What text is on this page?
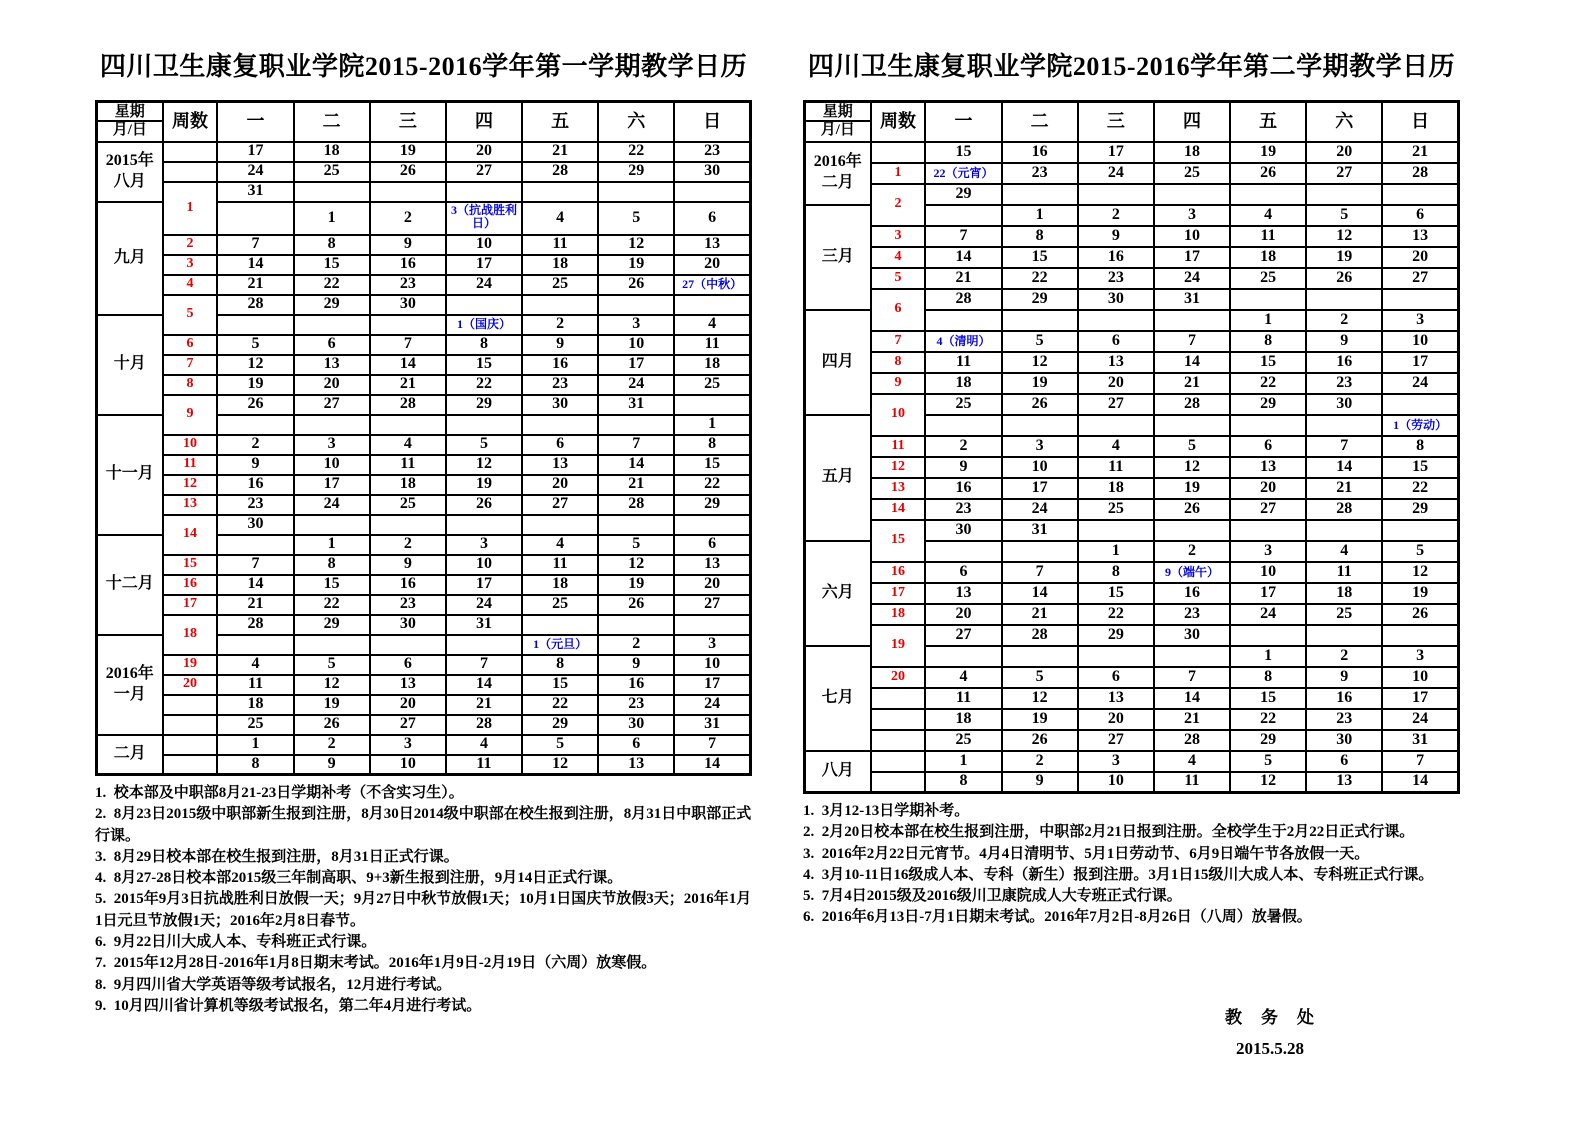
四川卫生康复职业学院2015-2016学年第一学期教学日历
星期
月/日	周数	一	二	三	四	五	六	日

2015年
八月		17	18	19	20	21	22	23
		24	25	26	27	28	29	30
	1	31						

九月			1	2	3（抗战胜利日）	4	5	6
	2	7	8	9	10	11	12	13
	3	14	15	16	17	18	19	20
	4	21	22	23	24	25	26	27（中秋）
	5	28	29	30				

十月					1（国庆）	2	3	4
	6	5	6	7	8	9	10	11
	7	12	13	14	15	16	17	18
	8	19	20	21	22	23	24	25
	9	26	27	28	29	30	31	

十一月								1
	10	2	3	4	5	6	7	8
	11	9	10	11	12	13	14	15
	12	16	17	18	19	20	21	22
	13	23	24	25	26	27	28	29
	14	30						

十二月			1	2	3	4	5	6
	15	7	8	9	10	11	12	13
	16	14	15	16	17	18	19	20
	17	21	22	23	24	25	26	27
	18	28	29	30	31			

2016年
一月						1（元旦）	2	3
	19	4	5	6	7	8	9	10
	20	11	12	13	14	15	16	17
		18	19	20	21	22	23	24
		25	26	27	28	29	30	31

二月		1	2	3	4	5	6	7
		8	9	10	11	12	13	14
1.  校本部及中职部8月21-23日学期补考（不含实习生）。
2.  8月23日2015级中职部新生报到注册，8月30日2014级中职部在校生报到注册，8月31日中职部正式行课。
3.  8月29日校本部在校生报到注册，8月31日正式行课。
4.  8月27-28日校本部2015级三年制高职、9+3新生报到注册，9月14日正式行课。
5.  2015年9月3日抗战胜利日放假一天；9月27日中秋节放假1天；10月1日国庆节放假3天；2016年1月1日元旦节放假1天；2016年2月8日春节。
6.  9月22日川大成人本、专科班正式行课。
7.  2015年12月28日-2016年1月8日期末考试。2016年1月9日-2月19日（六周）放寒假。
8.  9月四川省大学英语等级考试报名，12月进行考试。
9.  10月四川省计算机等级考试报名，第二年4月进行考试。
四川卫生康复职业学院2015-2016学年第二学期教学日历
星期
月/日	周数	一	二	三	四	五	六	日

2016年
二月		15	16	17	18	19	20	21
	1	22（元宵）	23	24	25	26	27	28
	2	29						

三月			1	2	3	4	5	6
	3	7	8	9	10	11	12	13
	4	14	15	16	17	18	19	20
	5	21	22	23	24	25	26	27
	6	28	29	30	31			

四月						1	2	3
	7	4（清明）	5	6	7	8	9	10
	8	11	12	13	14	15	16	17
	9	18	19	20	21	22	23	24
	10	25	26	27	28	29	30	

五月								1（劳动）
	11	2	3	4	5	6	7	8
	12	9	10	11	12	13	14	15
	13	16	17	18	19	20	21	22
	14	23	24	25	26	27	28	29
	15	30	31					

六月				1	2	3	4	5
	16	6	7	8	9（端午）	10	11	12
	17	13	14	15	16	17	18	19
	18	20	21	22	23	24	25	26
	19	27	28	29	30			

七月						1	2	3
	20	4	5	6	7	8	9	10
		11	12	13	14	15	16	17
		18	19	20	21	22	23	24
		25	26	27	28	29	30	31

八月		1	2	3	4	5	6	7
		8	9	10	11	12	13	14
1.  3月12-13日学期补考。
2.  2月20日校本部在校生报到注册，中职部2月21日报到注册。全校学生于2月22日正式行课。
3.  2016年2月22日元宵节。4月4日清明节、5月1日劳动节、6月9日端午节各放假一天。
4.  3月10-11日16级成人本、专科（新生）报到注册。3月1日15级川大成人本、专科班正式行课。
5.  7月4日2015级及2016级川卫康院成人大专班正式行课。
6.  2016年6月13日-7月1日期末考试。2016年7月2日-8月26日（八周）放暑假。
教　务　处
2015.5.28
